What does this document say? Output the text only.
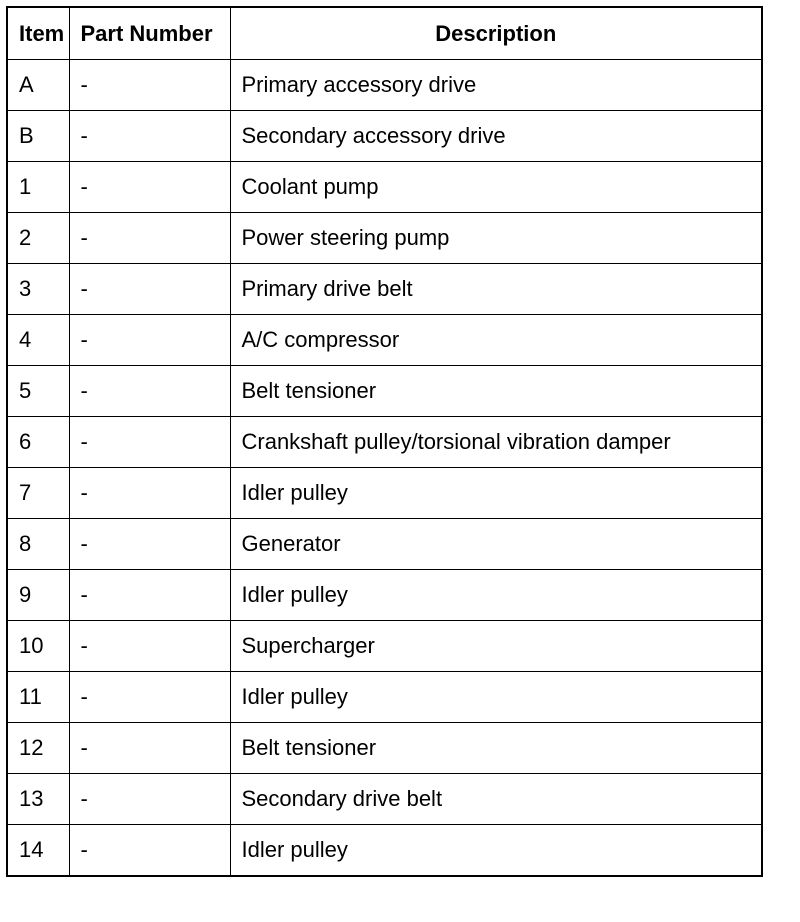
Item	Part Number	Description
A	-	Primary accessory drive
B	-	Secondary accessory drive
1	-	Coolant pump
2	-	Power steering pump
3	-	Primary drive belt
4	-	A/C compressor
5	-	Belt tensioner
6	-	Crankshaft pulley/torsional vibration damper
7	-	Idler pulley
8	-	Generator
9	-	Idler pulley
10	-	Supercharger
11	-	Idler pulley
12	-	Belt tensioner
13	-	Secondary drive belt
14	-	Idler pulley
